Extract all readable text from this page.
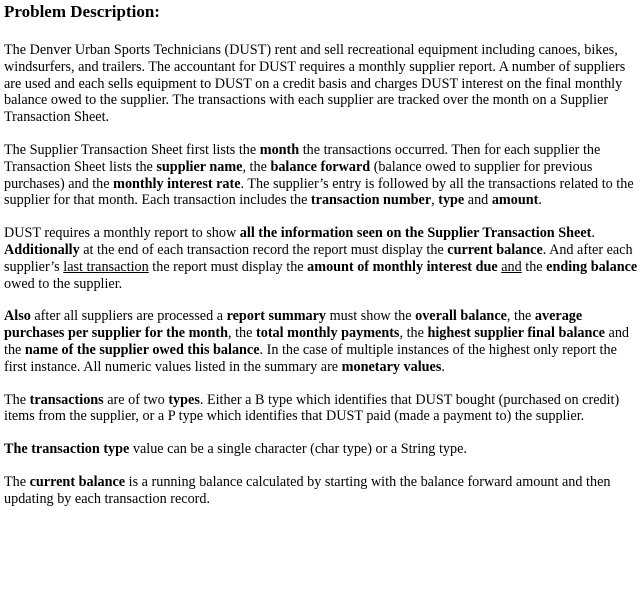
Problem Description:

The Denver Urban Sports Technicians (DUST) rent and sell recreational equipment including canoes, bikes, windsurfers, and trailers. The accountant for DUST requires a monthly supplier report. A number of suppliers are used and each sells equipment to DUST on a credit basis and charges DUST interest on the final monthly balance owed to the supplier. The transactions with each supplier are tracked over the month on a Supplier Transaction Sheet.

The Supplier Transaction Sheet first lists the month the transactions occurred. Then for each supplier the Transaction Sheet lists the supplier name, the balance forward (balance owed to supplier for previous purchases) and the monthly interest rate. The supplier’s entry is followed by all the transactions related to the supplier for that month. Each transaction includes the transaction number, type and amount.

DUST requires a monthly report to show all the information seen on the Supplier Transaction Sheet. Additionally at the end of each transaction record the report must display the current balance. And after each supplier’s last transaction the report must display the amount of monthly interest due and the ending balance owed to the supplier.

Also after all suppliers are processed a report summary must show the overall balance, the average purchases per supplier for the month, the total monthly payments, the highest supplier final balance and the name of the supplier owed this balance. In the case of multiple instances of the highest only report the first instance. All numeric values listed in the summary are monetary values.

The transactions are of two types. Either a B type which identifies that DUST bought (purchased on credit) items from the supplier, or a P type which identifies that DUST paid (made a payment to) the supplier.

The transaction type value can be a single character (char type) or a String type.

The current balance is a running balance calculated by starting with the balance forward amount and then updating by each transaction record.
